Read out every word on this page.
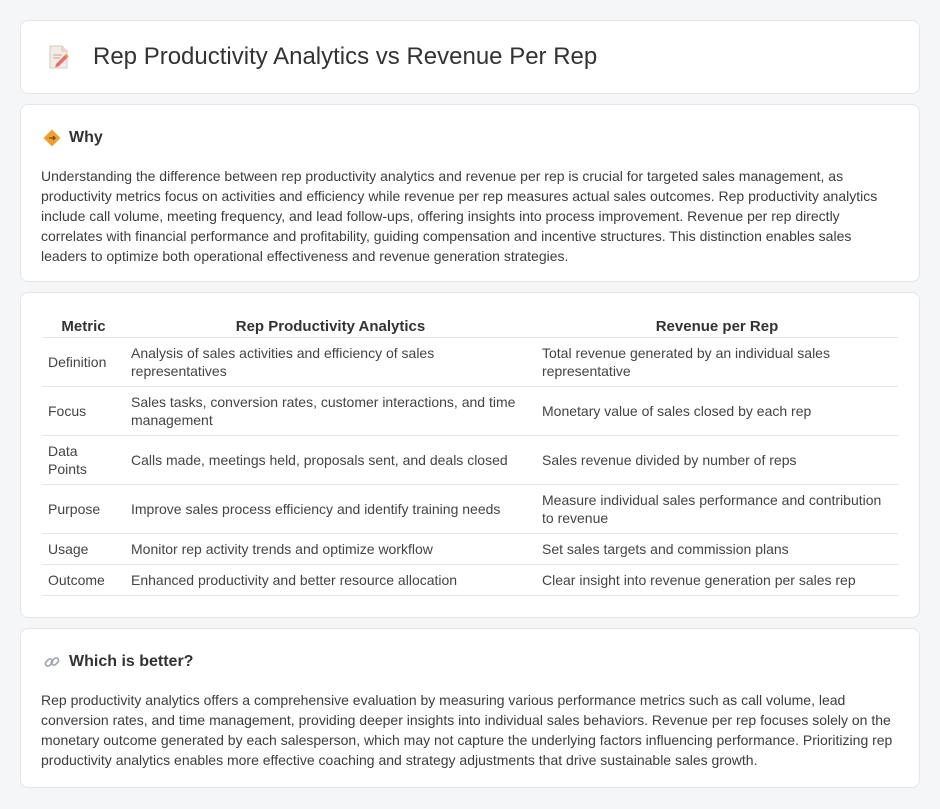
Rep Productivity Analytics vs Revenue Per Rep
Why

Understanding the difference between rep productivity analytics and revenue per rep is crucial for targeted sales management, as productivity metrics focus on activities and efficiency while revenue per rep measures actual sales outcomes. Rep productivity analytics include call volume, meeting frequency, and lead follow-ups, offering insights into process improvement. Revenue per rep directly correlates with financial performance and profitability, guiding compensation and incentive structures. This distinction enables sales leaders to optimize both operational effectiveness and revenue generation strategies.

Metric	Rep Productivity Analytics	Revenue per Rep
Definition	Analysis of sales activities and efficiency of sales representatives	Total revenue generated by an individual sales representative
Focus	Sales tasks, conversion rates, customer interactions, and time management	Monetary value of sales closed by each rep
Data Points	Calls made, meetings held, proposals sent, and deals closed	Sales revenue divided by number of reps
Purpose	Improve sales process efficiency and identify training needs	Measure individual sales performance and contribution to revenue
Usage	Monitor rep activity trends and optimize workflow	Set sales targets and commission plans
Outcome	Enhanced productivity and better resource allocation	Clear insight into revenue generation per sales rep
Which is better?

Rep productivity analytics offers a comprehensive evaluation by measuring various performance metrics such as call volume, lead conversion rates, and time management, providing deeper insights into individual sales behaviors. Revenue per rep focuses solely on the monetary outcome generated by each salesperson, which may not capture the underlying factors influencing performance. Prioritizing rep productivity analytics enables more effective coaching and strategy adjustments that drive sustainable sales growth.
